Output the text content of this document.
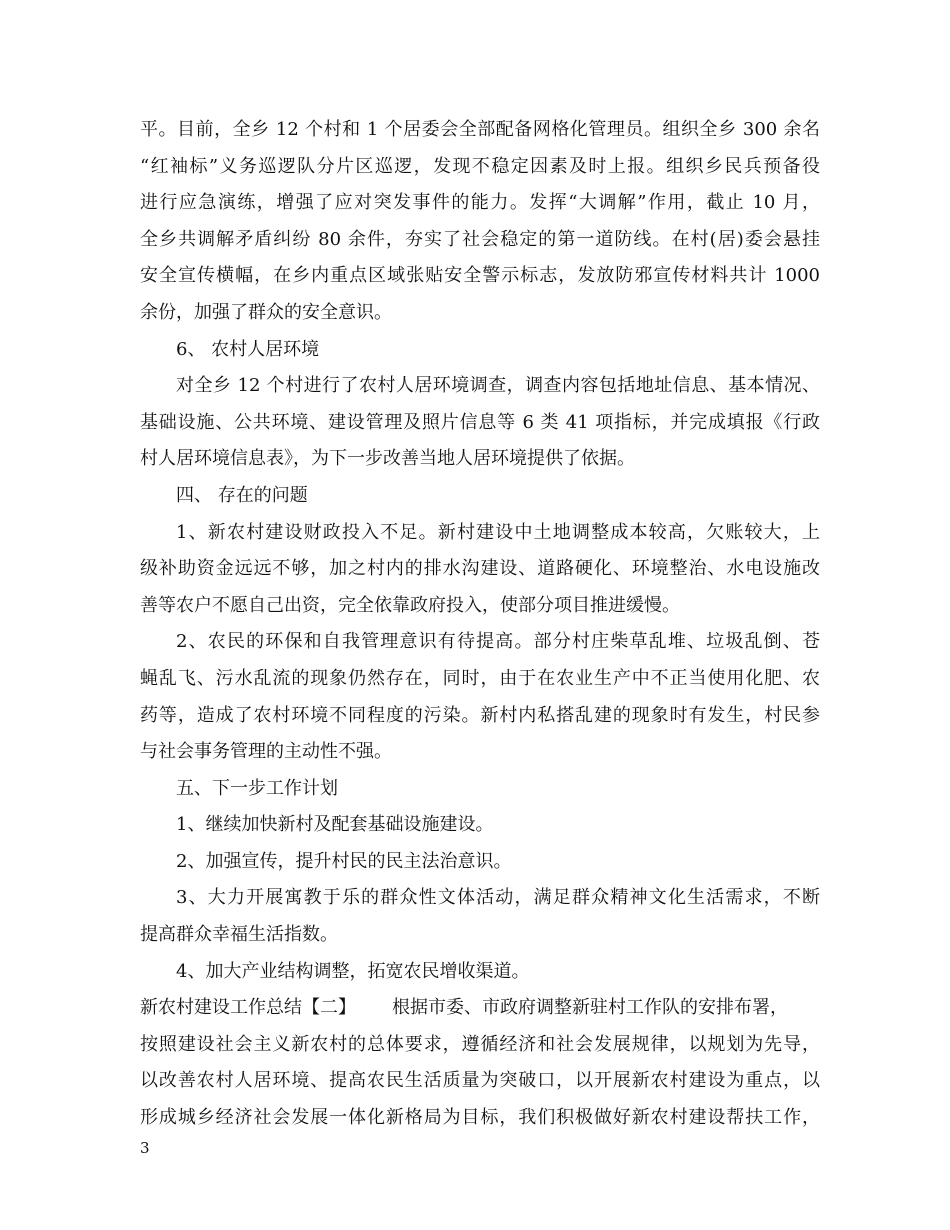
平。目前，全乡 12 个村和 1 个居委会全部配备网格化管理员。组织全乡 300 余名
“红袖标”义务巡逻队分片区巡逻，发现不稳定因素及时上报。组织乡民兵预备役
进行应急演练，增强了应对突发事件的能力。发挥“大调解”作用，截止 10 月，
全乡共调解矛盾纠纷 80 余件，夯实了社会稳定的第一道防线。在村(居)委会悬挂
安全宣传横幅，在乡内重点区域张贴安全警示标志，发放防邪宣传材料共计 1000
余份，加强了群众的安全意识。
6、 农村人居环境
对全乡 12 个村进行了农村人居环境调查，调查内容包括地址信息、基本情况、
基础设施、公共环境、建设管理及照片信息等 6 类 41 项指标，并完成填报《行政
村人居环境信息表》，为下一步改善当地人居环境提供了依据。
四、 存在的问题
1、新农村建设财政投入不足。新村建设中土地调整成本较高，欠账较大，上
级补助资金远远不够，加之村内的排水沟建设、道路硬化、环境整治、水电设施改
善等农户不愿自己出资，完全依靠政府投入，使部分项目推进缓慢。
2、农民的环保和自我管理意识有待提高。部分村庄柴草乱堆、垃圾乱倒、苍
蝇乱飞、污水乱流的现象仍然存在，同时，由于在农业生产中不正当使用化肥、农
药等，造成了农村环境不同程度的污染。新村内私搭乱建的现象时有发生，村民参
与社会事务管理的主动性不强。
五、下一步工作计划
1、继续加快新村及配套基础设施建设。
2、加强宣传，提升村民的民主法治意识。
3、大力开展寓教于乐的群众性文体活动，满足群众精神文化生活需求，不断
提高群众幸福生活指数。
4、加大产业结构调整，拓宽农民增收渠道。
新农村建设工作总结【二】 根据市委、市政府调整新驻村工作队的安排布署，
按照建设社会主义新农村的总体要求，遵循经济和社会发展规律，以规划为先导，
以改善农村人居环境、提高农民生活质量为突破口，以开展新农村建设为重点，以
形成城乡经济社会发展一体化新格局为目标，我们积极做好新农村建设帮扶工作，
3
